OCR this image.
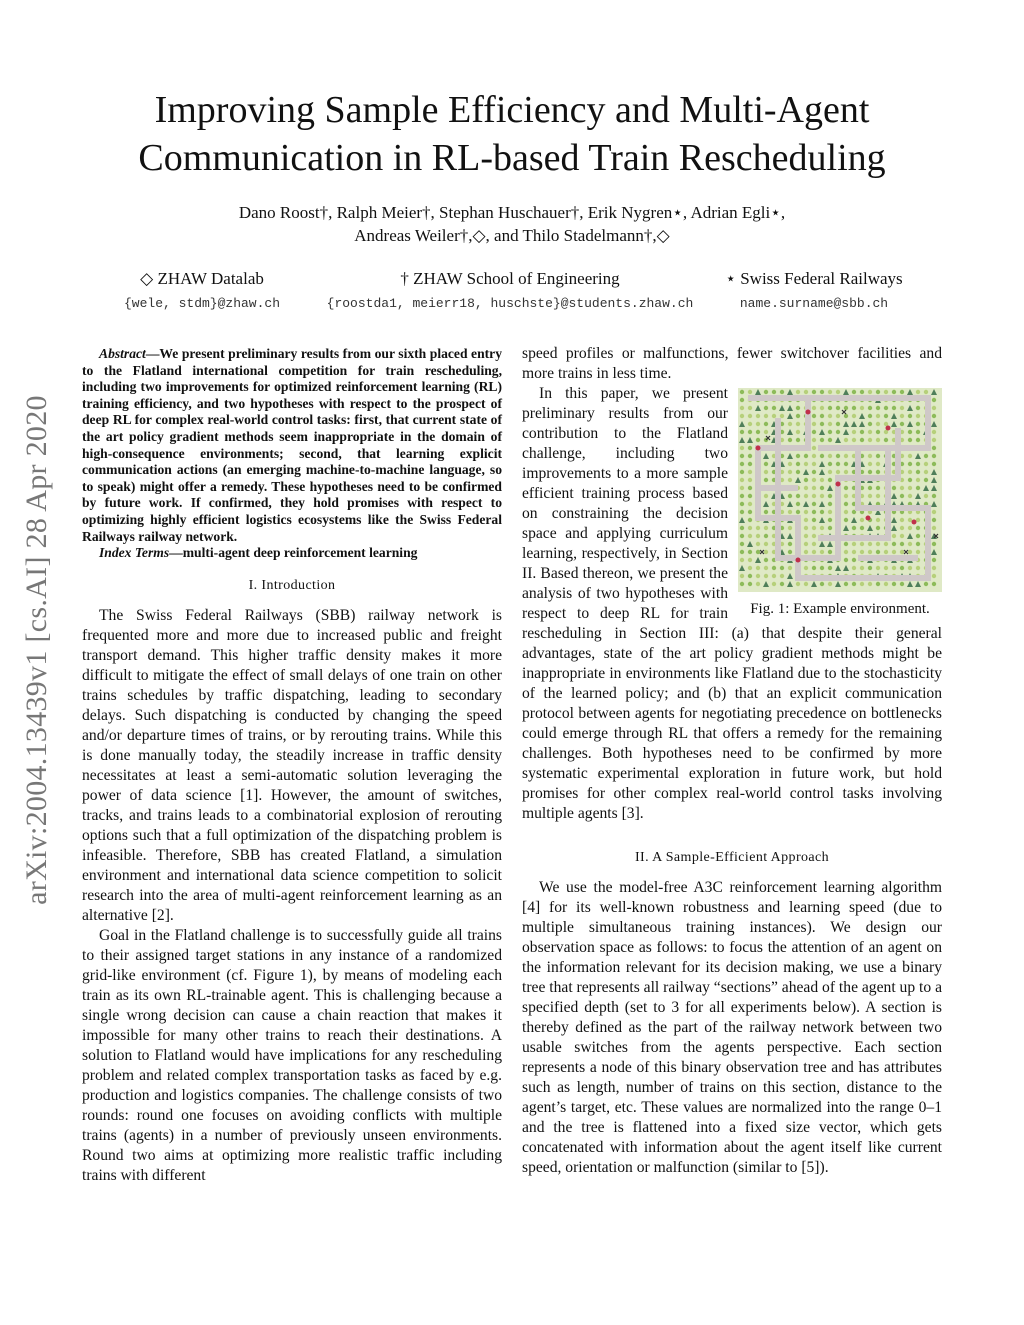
arXiv:2004.13439v1 [cs.AI] 28 Apr 2020
Improving Sample Efficiency and Multi-Agent Communication in RL-based Train Rescheduling
Dano Roost†, Ralph Meier†, Stephan Huschauer†, Erik Nygren⋆, Adrian Egli⋆,
Andreas Weiler†,◇, and Thilo Stadelmann†,◇
◇ ZHAW Datalab
{wele, stdm}@zhaw.ch
† ZHAW School of Engineering
{roostda1, meierr18, huschste}@students.zhaw.ch
⋆ Swiss Federal Railways
name.surname@sbb.ch

Abstract—We present preliminary results from our sixth placed entry to the Flatland international competition for train rescheduling, including two improvements for optimized reinforcement learning (RL) training efficiency, and two hypotheses with respect to the prospect of deep RL for complex real-world control tasks: first, that current state of the art policy gradient methods seem inappropriate in the domain of high-consequence environments; second, that learning explicit communication actions (an emerging machine-to-machine language, so to speak) might offer a remedy. These hypotheses need to be confirmed by future work. If confirmed, they hold promises with respect to optimizing highly efficient logistics ecosystems like the Swiss Federal Railways railway network.

Index Terms—multi-agent deep reinforcement learning

I. Introduction

The Swiss Federal Railways (SBB) railway network is frequented more and more due to increased public and freight transport demand. This higher traffic density makes it more difficult to mitigate the effect of small delays of one train on other trains schedules by traffic dispatching, leading to secondary delays. Such dispatching is conducted by changing the speed and/or departure times of trains, or by rerouting trains. While this is done manually today, the steadily increase in traffic density necessitates at least a semi-automatic solution leveraging the power of data science [1]. However, the amount of switches, tracks, and trains leads to a combinatorial explosion of rerouting options such that a full optimization of the dispatching problem is infeasible. Therefore, SBB has created Flatland, a simulation environment and international data science competition to solicit research into the area of multi-agent reinforcement learning as an alternative [2].

Goal in the Flatland challenge is to successfully guide all trains to their assigned target stations in any instance of a randomized grid-like environment (cf. Figure 1), by means of modeling each train as its own RL-trainable agent. This is challenging because a single wrong decision can cause a chain reaction that makes it impossible for many other trains to reach their destinations. A solution to Flatland would have implications for any rescheduling problem and related complex transportation tasks as faced by e.g. production and logistics companies. The challenge consists of two rounds: round one focuses on avoiding conflicts with multiple trains (agents) in a number of previously unseen environments. Round two aims at optimizing more realistic traffic including trains with different

speed profiles or malfunctions, fewer switchover facilities and more trains in less time.

Fig. 1: Example environment.

In this paper, we present preliminary results from our contribution to the Flatland challenge, including two improvements to a more sample efficient training process based on constraining the decision space and applying curriculum learning, respectively, in Section II. Based thereon, we present the analysis of two hypotheses with respect to deep RL for train rescheduling in Section III: (a) that despite their general advantages, state of the art policy gradient methods might be inappropriate in environments like Flatland due to the stochasticity of the learned policy; and (b) that an explicit communication protocol between agents for negotiating precedence on bottlenecks could emerge through RL that offers a remedy for the remaining challenges. Both hypotheses need to be confirmed by more systematic experimental exploration in future work, but hold promises for other complex real-world control tasks involving multiple agents [3].

II. A Sample-Efficient Approach

We use the model-free A3C reinforcement learning algorithm [4] for its well-known robustness and learning speed (due to multiple simultaneous training instances). We design our observation space as follows: to focus the attention of an agent on the information relevant for its decision making, we use a binary tree that represents all railway “sections” ahead of the agent up to a specified depth (set to 3 for all experiments below). A section is thereby defined as the part of the railway network between two usable switches from the agents perspective. Each section represents a node of this binary observation tree and has attributes such as length, number of trains on this section, distance to the agent’s target, etc. These values are normalized into the range 0–1 and the tree is flattened into a fixed size vector, which gets concatenated with information about the agent itself like current speed, orientation or malfunction (similar to [5]).
